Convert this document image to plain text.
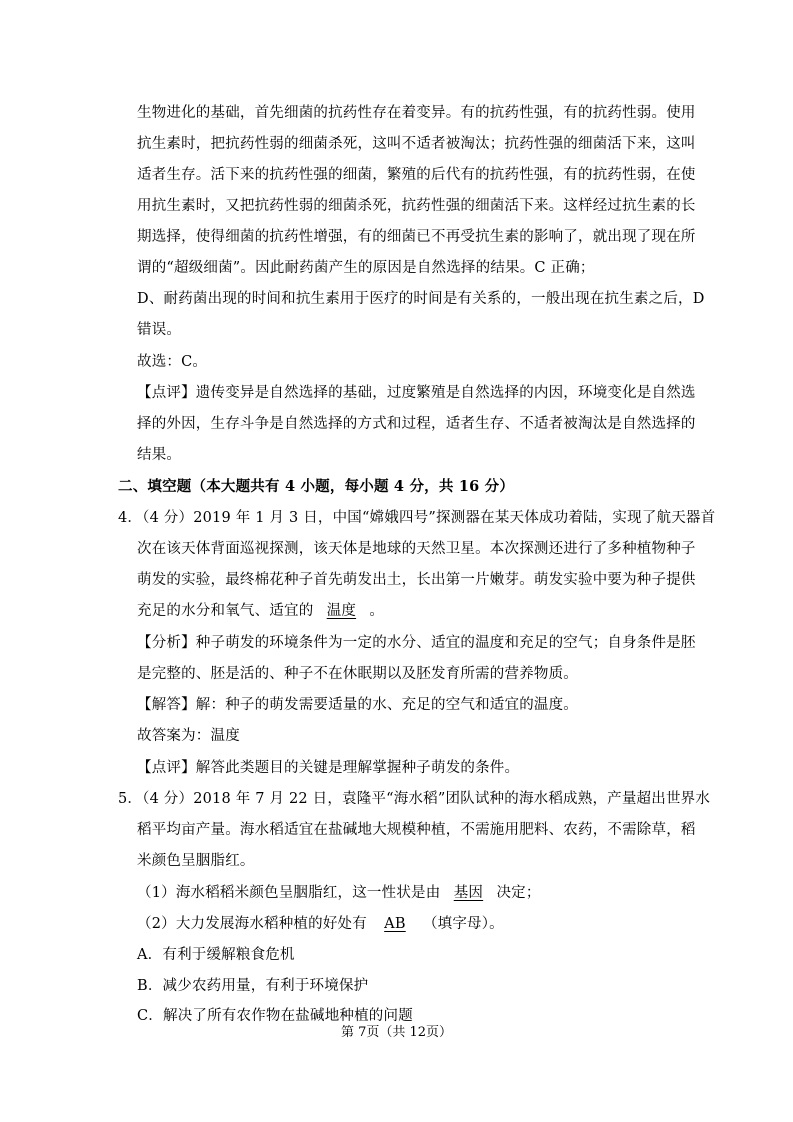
生物进化的基础，首先细菌的抗药性存在着变异。有的抗药性强，有的抗药性弱。使用
抗生素时，把抗药性弱的细菌杀死，这叫不适者被淘汰；抗药性强的细菌活下来，这叫
适者生存。活下来的抗药性强的细菌，繁殖的后代有的抗药性强，有的抗药性弱，在使
用抗生素时，又把抗药性弱的细菌杀死，抗药性强的细菌活下来。这样经过抗生素的长
期选择，使得细菌的抗药性增强，有的细菌已不再受抗生素的影响了，就出现了现在所
谓的“超级细菌”。因此耐药菌产生的原因是自然选择的结果。C 正确；
D、耐药菌出现的时间和抗生素用于医疗的时间是有关系的，一般出现在抗生素之后，D
错误。
故选：C。
【点评】遗传变异是自然选择的基础，过度繁殖是自然选择的内因，环境变化是自然选
择的外因，生存斗争是自然选择的方式和过程，适者生存、不适者被淘汰是自然选择的
结果。
二、填空题（本大题共有 4 小题，每小题 4 分，共 16 分）
4．（4 分）2019 年 1 月 3 日，中国“嫦娥四号”探测器在某天体成功着陆，实现了航天器首
次在该天体背面巡视探测，该天体是地球的天然卫星。本次探测还进行了多种植物种子
萌发的实验，最终棉花种子首先萌发出土，长出第一片嫩芽。萌发实验中要为种子提供
充足的水分和氧气、适宜的 温度 。
【分析】种子萌发的环境条件为一定的水分、适宜的温度和充足的空气；自身条件是胚
是完整的、胚是活的、种子不在休眠期以及胚发育所需的营养物质。
【解答】解：种子的萌发需要适量的水、充足的空气和适宜的温度。
故答案为：温度
【点评】解答此类题目的关键是理解掌握种子萌发的条件。
5．（4 分）2018 年 7 月 22 日，袁隆平“海水稻”团队试种的海水稻成熟，产量超出世界水
稻平均亩产量。海水稻适宜在盐碱地大规模种植，不需施用肥料、农药，不需除草，稻
米颜色呈胭脂红。
（1）海水稻稻米颜色呈胭脂红，这一性状是由 基因 决定；
（2）大力发展海水稻种植的好处有 AB （填字母）。
A．有利于缓解粮食危机
B．减少农药用量，有利于环境保护
C．解决了所有农作物在盐碱地种植的问题
第 7页（共 12页）
